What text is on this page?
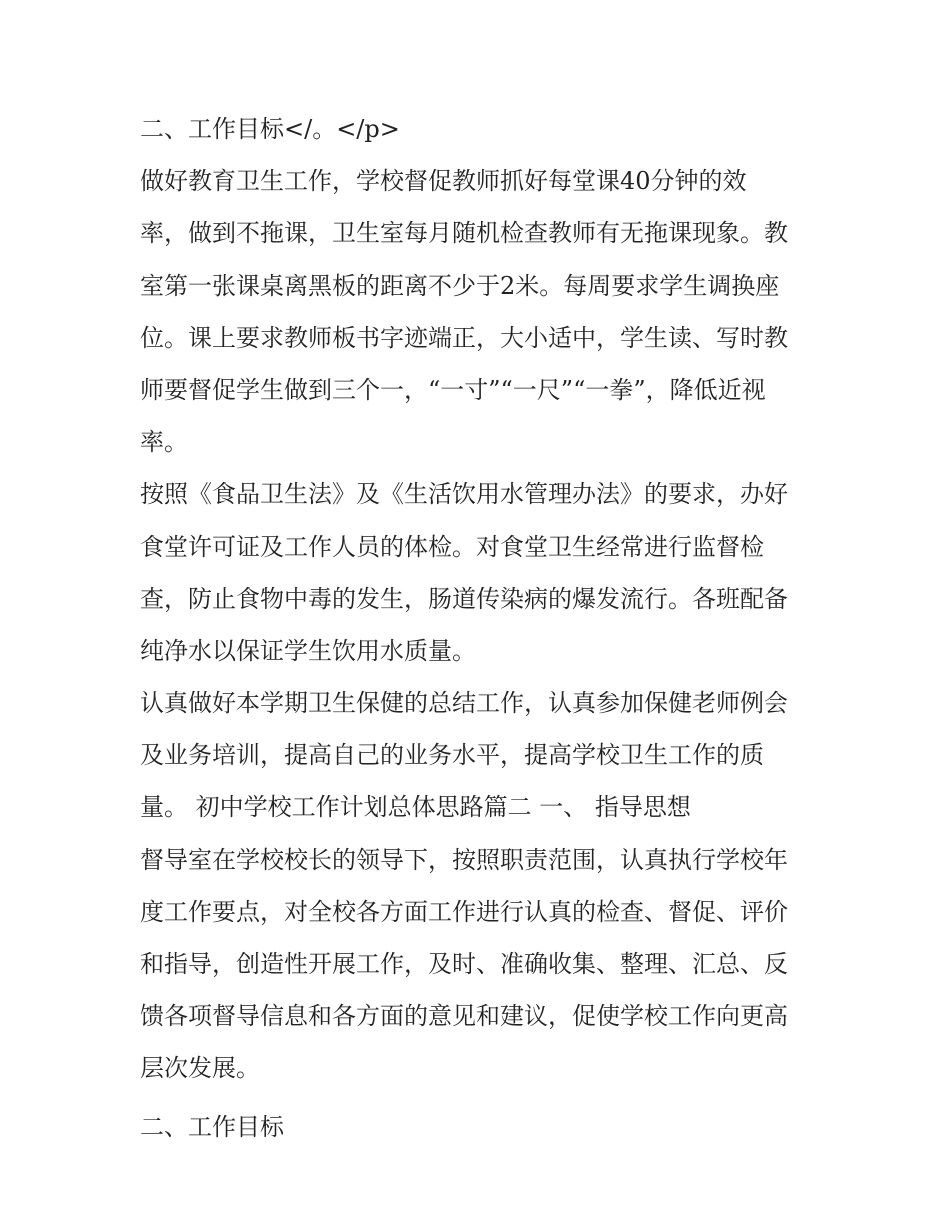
二、工作目标</。</p>
做好教育卫生工作，学校督促教师抓好每堂课40分钟的效
率，做到不拖课，卫生室每月随机检查教师有无拖课现象。教
室第一张课桌离黑板的距离不少于2米。每周要求学生调换座
位。课上要求教师板书字迹端正，大小适中，学生读、写时教
师要督促学生做到三个一，“一寸”“一尺”“一拳”，降低近视
率。
按照《食品卫生法》及《生活饮用水管理办法》的要求，办好
食堂许可证及工作人员的体检。对食堂卫生经常进行监督检
查，防止食物中毒的发生，肠道传染病的爆发流行。各班配备
纯净水以保证学生饮用水质量。
认真做好本学期卫生保健的总结工作，认真参加保健老师例会
及业务培训，提高自己的业务水平，提高学校卫生工作的质
量。 初中学校工作计划总体思路篇二 一、 指导思想
督导室在学校校长的领导下，按照职责范围，认真执行学校年
度工作要点，对全校各方面工作进行认真的检查、督促、评价
和指导，创造性开展工作，及时、准确收集、整理、汇总、反
馈各项督导信息和各方面的意见和建议，促使学校工作向更高
层次发展。
二、工作目标
